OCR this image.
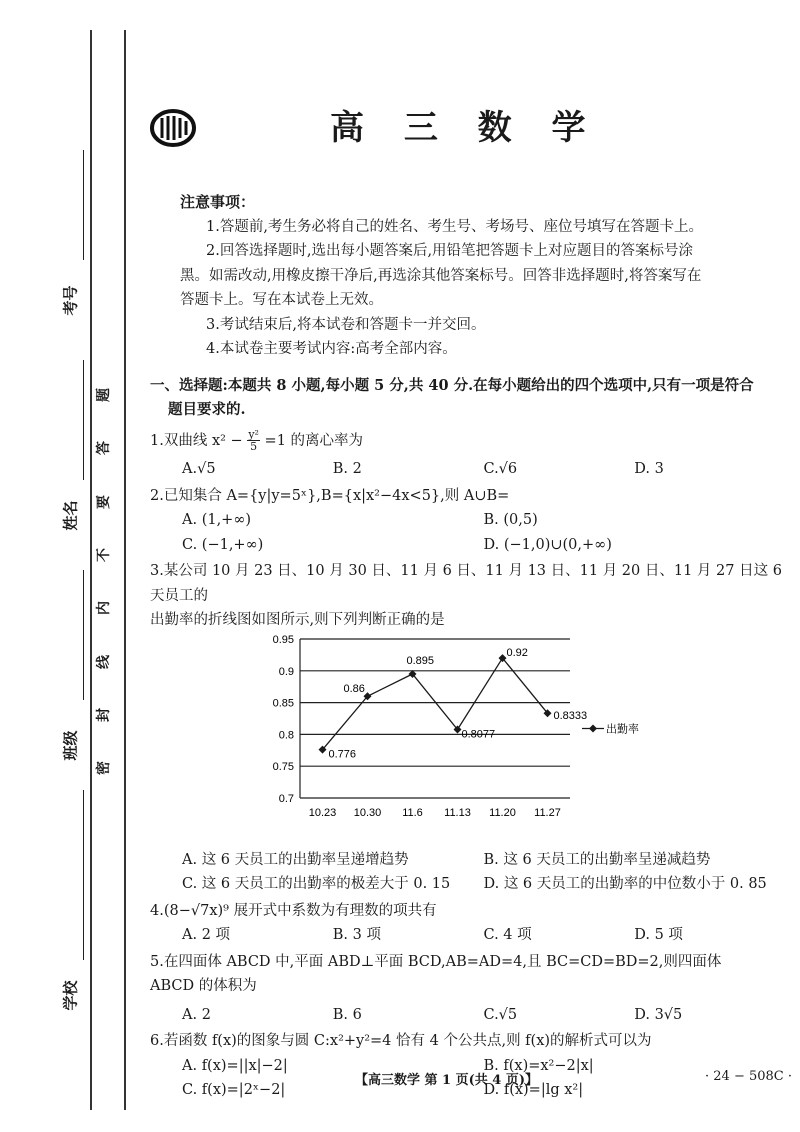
考号
姓名
班级
学校
题
答
要
不
内
线
封
密
高 三 数 学
注意事项：
1.答题前,考生务必将自己的姓名、考生号、考场号、座位号填写在答题卡上。
2.回答选择题时,选出每小题答案后,用铅笔把答题卡上对应题目的答案标号涂
黑。如需改动,用橡皮擦干净后,再选涂其他答案标号。回答非选择题时,将答案写在
答题卡上。写在本试卷上无效。
3.考试结束后,将本试卷和答题卡一并交回。
4.本试卷主要考试内容:高考全部内容。
一、选择题:本题共 8 小题,每小题 5 分,共 40 分.在每小题给出的四个选项中,只有一项是符合
题目要求的.
1.双曲线 $x^2 - \frac{\text{y²}}{5} =1$ 的离心率为
A.√5	B. 2	C.√6	D. 3
2.已知集合 A={y|y=5ˣ},B={x|x²−4x<5},则 A∪B=
A. (1,+∞)	B. (0,5)
C. (−1,+∞)	D. (−1,0)∪(0,+∞)
3.某公司 10 月 23 日、10 月 30 日、11 月 6 日、11 月 13 日、11 月 20 日、11 月 27 日这 6 天员工的
出勤率的折线图如图所示,则下列判断正确的是
0.95
0.9
0.85
0.8
0.75
0.7
10.23 10.30 11.6 11.13 11.20 11.27
0.776
0.86
0.895
0.8077
0.92
0.8333
出勤率
A. 这 6 天员工的出勤率呈递增趋势	B. 这 6 天员工的出勤率呈递减趋势
C. 这 6 天员工的出勤率的极差大于 0. 15	D. 这 6 天员工的出勤率的中位数小于 0. 85
4.(8−√7x)⁹ 展开式中系数为有理数的项共有
A. 2 项	B. 3 项	C. 4 项	D. 5 项
5.在四面体 ABCD 中,平面 ABD⊥平面 BCD,AB=AD=4,且 BC=CD=BD=2,则四面体
ABCD 的体积为
A. 2	B. 6	C.√5	D. 3√5
6.若函数 f(x)的图象与圆 C:x²+y²=4 恰有 4 个公共点,则 f(x)的解析式可以为
A. f(x)=||x|−2|	B. f(x)=x²−2|x|
C. f(x)=|2ˣ−2|	D. f(x)=|lg x²|
【高三数学 第 1 页(共 4 页)】	· 24 − 508C ·
